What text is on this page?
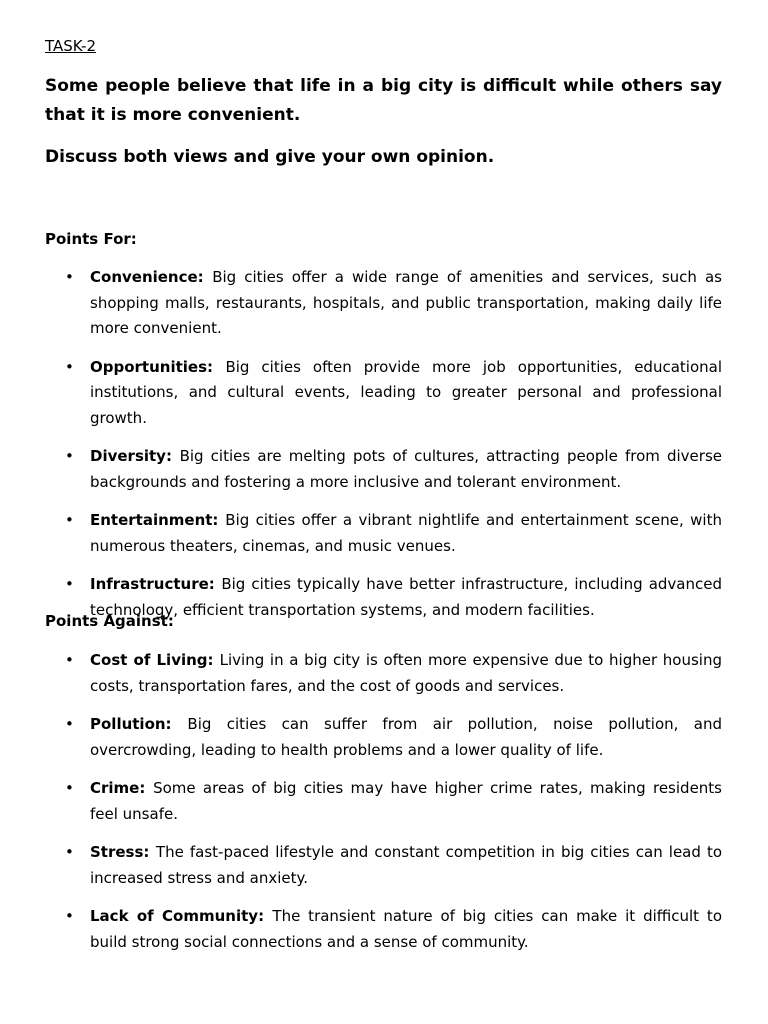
TASK-2
Some people believe that life in a big city is difficult while others say that it is more convenient.
Discuss both views and give your own opinion.
Points For:
• Convenience: Big cities offer a wide range of amenities and services, such as shopping malls, restaurants, hospitals, and public transportation, making daily life more convenient.
• Opportunities: Big cities often provide more job opportunities, educational institutions, and cultural events, leading to greater personal and professional growth.
• Diversity: Big cities are melting pots of cultures, attracting people from diverse backgrounds and fostering a more inclusive and tolerant environment.
• Entertainment: Big cities offer a vibrant nightlife and entertainment scene, with numerous theaters, cinemas, and music venues.
• Infrastructure: Big cities typically have better infrastructure, including advanced technology, efficient transportation systems, and modern facilities.
Points Against:
• Cost of Living: Living in a big city is often more expensive due to higher housing costs, transportation fares, and the cost of goods and services.
• Pollution: Big cities can suffer from air pollution, noise pollution, and overcrowding, leading to health problems and a lower quality of life.
• Crime: Some areas of big cities may have higher crime rates, making residents feel unsafe.
• Stress: The fast-paced lifestyle and constant competition in big cities can lead to increased stress and anxiety.
• Lack of Community: The transient nature of big cities can make it difficult to build strong social connections and a sense of community.
